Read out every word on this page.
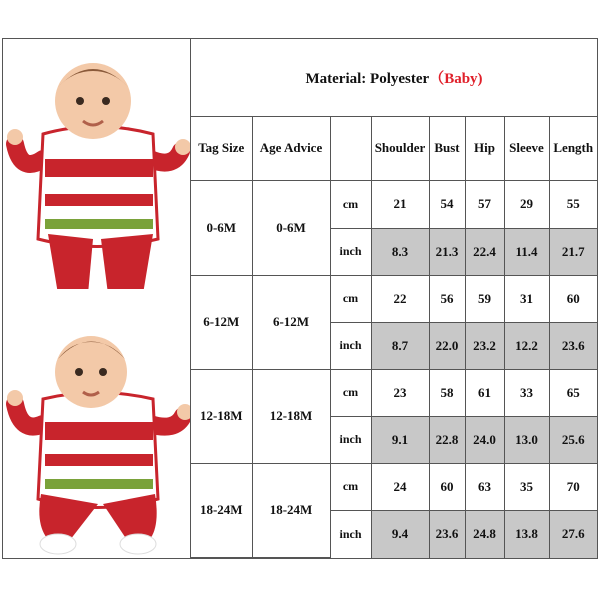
Material: Polyester（Baby)							
Tag Size	Age Advice		Shoulder	Bust	Hip	Sleeve	Length
0-6M	0-6M	cm	21	54	57	29	55
		inch	8.3	21.3	22.4	11.4	21.7
6-12M	6-12M	cm	22	56	59	31	60
		inch	8.7	22.0	23.2	12.2	23.6
12-18M	12-18M	cm	23	58	61	33	65
		inch	9.1	22.8	24.0	13.0	25.6
18-24M	18-24M	cm	24	60	63	35	70
		inch	9.4	23.6	24.8	13.8	27.6
